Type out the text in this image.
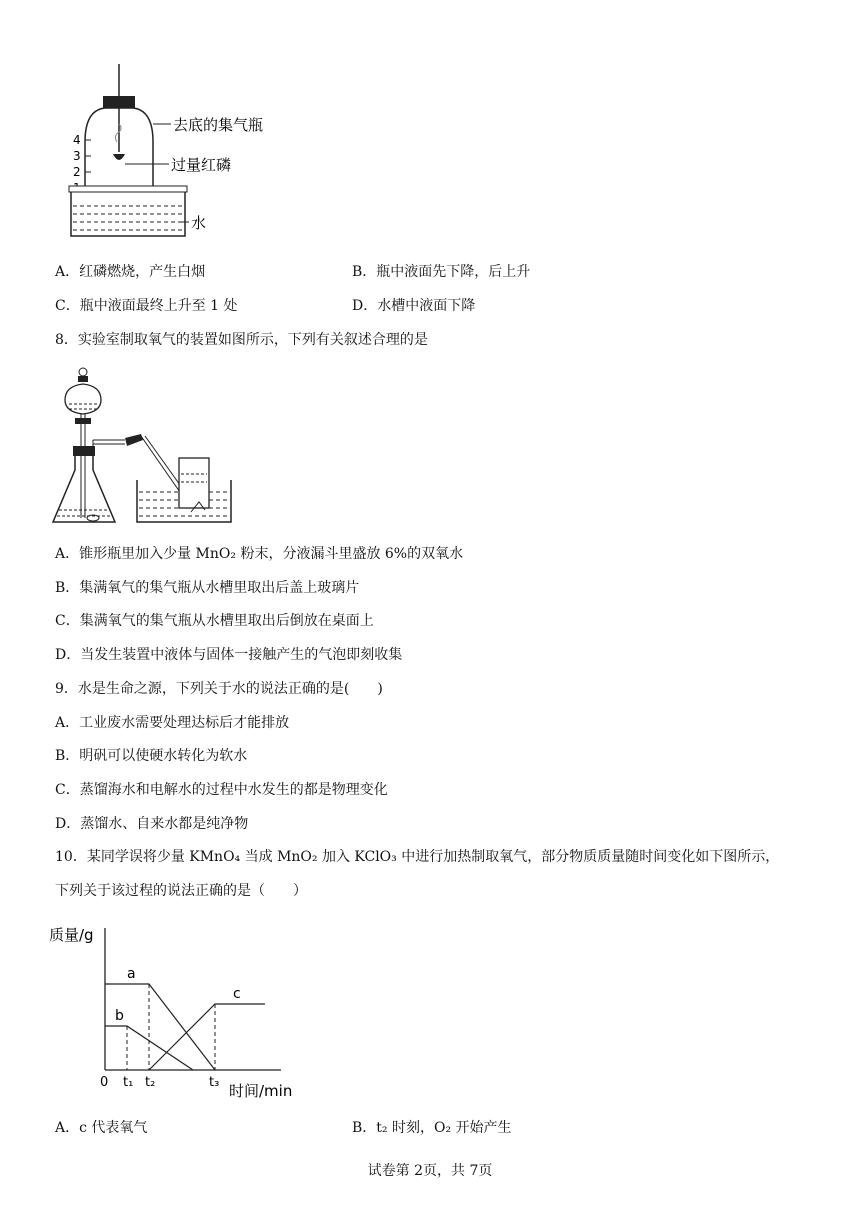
4
3
2
去底的集气瓶
过量红磷
水
A．红磷燃烧，产生白烟	B．瓶中液面先下降，后上升
C．瓶中液面最终上升至 1 处	D．水槽中液面下降
8．实验室制取氧气的装置如图所示，下列有关叙述合理的是
A．锥形瓶里加入少量 MnO₂ 粉末，分液漏斗里盛放 6%的双氧水
B．集满氧气的集气瓶从水槽里取出后盖上玻璃片
C．集满氧气的集气瓶从水槽里取出后倒放在桌面上
D．当发生装置中液体与固体一接触产生的气泡即刻收集
9．水是生命之源，下列关于水的说法正确的是(　　)
A．工业废水需要处理达标后才能排放
B．明矾可以使硬水转化为软水
C．蒸馏海水和电解水的过程中水发生的都是物理变化
D．蒸馏水、自来水都是纯净物
10．某同学误将少量 KMnO₄ 当成 MnO₂ 加入 KClO₃ 中进行加热制取氧气，部分物质质量随时间变化如下图所示，
下列关于该过程的说法正确的是（　　）
质量/g
a
b
c
0 t₁ t₂	t₃ 时间/min
A．c 代表氧气	B．t₂ 时刻，O₂ 开始产生
试卷第 2页，共 7页
